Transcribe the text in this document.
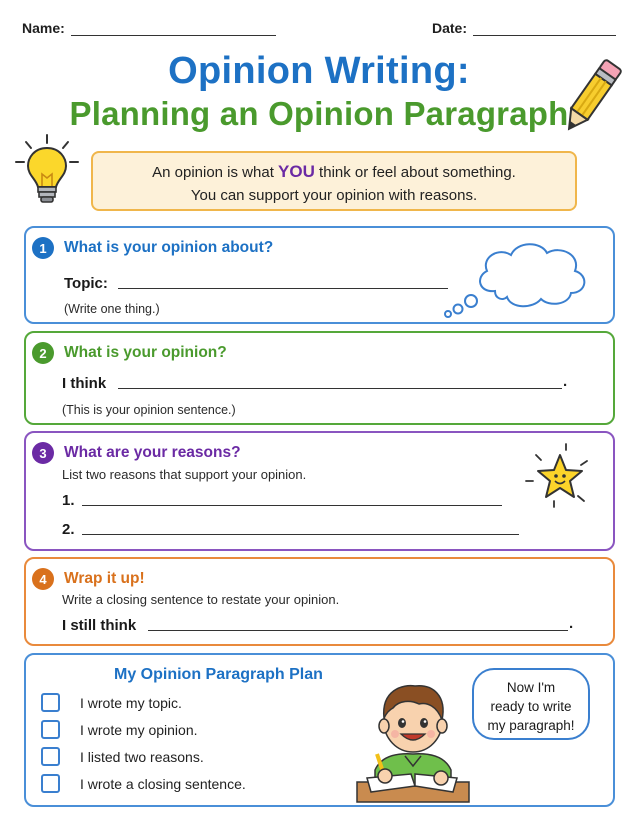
Name:	Date:
Opinion Writing:
Planning an Opinion Paragraph
An opinion is what YOU think or feel about something.
You can support your opinion with reasons.
1	What is your opinion about?
Topic:
(Write one thing.)
2	What is your opinion?
I think	.
(This is your opinion sentence.)
3	What are your reasons?
List two reasons that support your opinion.
1.
2.
4	Wrap it up!
Write a closing sentence to restate your opinion.
I still think	.
My Opinion Paragraph Plan
I wrote my topic.
I wrote my opinion.
I listed two reasons.
I wrote a closing sentence.
Now I'm
ready to write
my paragraph!
